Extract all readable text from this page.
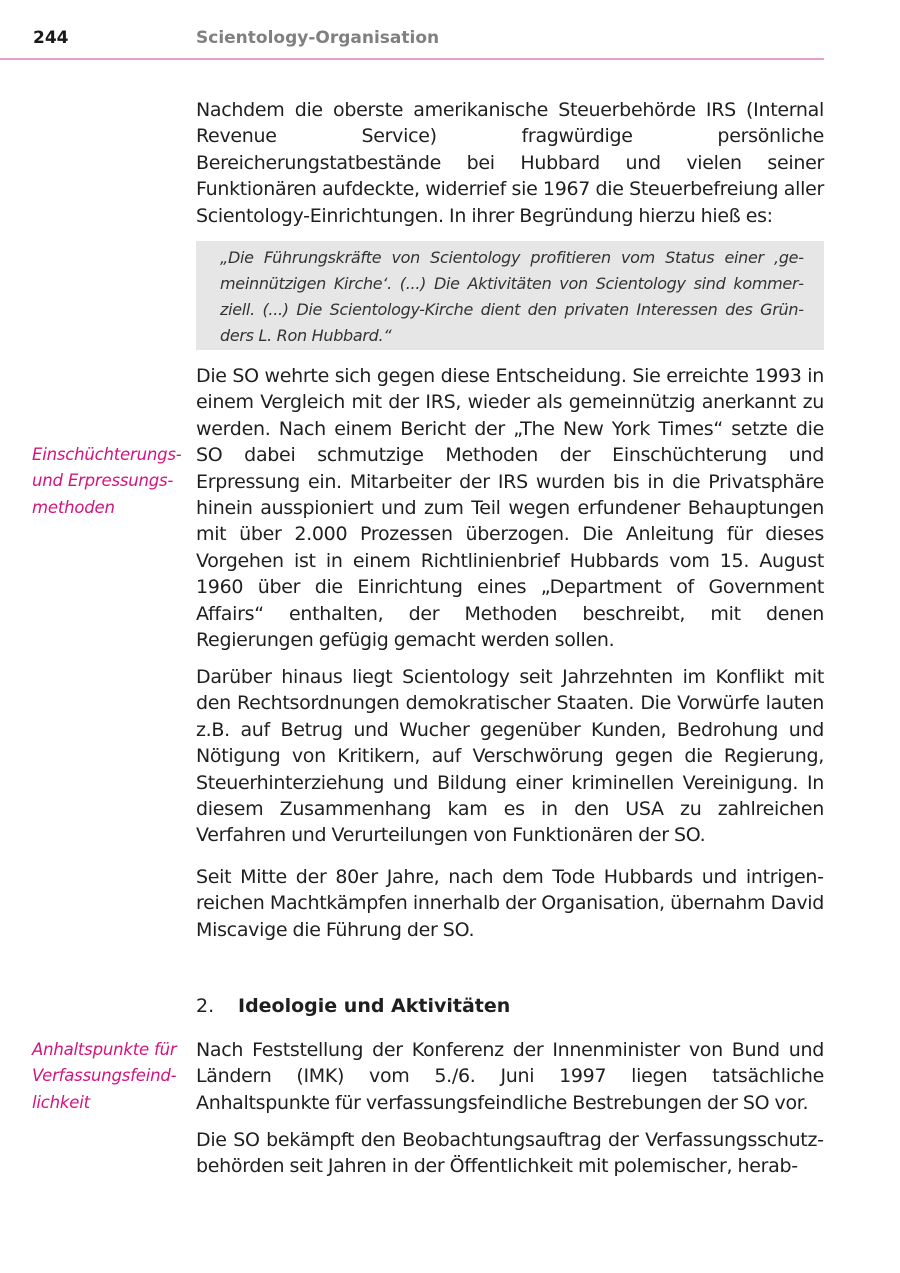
244	Scientology-Organisation

Nachdem die oberste amerikanische Steuerbehörde IRS (Internal Revenue Service) fragwürdige persönliche Bereicherungstatbestände bei Hubbard und vielen seiner Funktionären aufdeckte, widerrief sie 1967 die Steuerbefreiung aller Scientology-Einrichtungen. In ihrer Begründung hierzu hieß es:

„Die Führungskräfte von Scientology profitieren vom Status einer ‚gemeinnützigen Kirche‘. (...) Die Aktivitäten von Scientology sind kommerziell. (...) Die Scientology-Kirche dient den privaten Interessen des Gründers L. Ron Hubbard.“

Die SO wehrte sich gegen diese Entscheidung. Sie erreichte 1993 in einem Vergleich mit der IRS, wieder als gemeinnützig anerkannt zu werden. Nach einem Bericht der „The New York Times“ setzte die SO dabei schmutzige Methoden der Einschüchterung und Erpressung ein. Mitarbeiter der IRS wurden bis in die Privatsphäre hinein ausspioniert und zum Teil wegen erfundener Behauptungen mit über 2.000 Prozessen überzogen. Die Anleitung für dieses Vorgehen ist in einem Richtlinienbrief Hubbards vom 15. August 1960 über die Einrichtung eines „Department of Government Affairs“ enthalten, der Methoden beschreibt, mit denen Regierungen gefügig gemacht werden sollen.

Darüber hinaus liegt Scientology seit Jahrzehnten im Konflikt mit den Rechtsordnungen demokratischer Staaten. Die Vorwürfe lauten z.B. auf Betrug und Wucher gegenüber Kunden, Bedrohung und Nötigung von Kritikern, auf Verschwörung gegen die Regierung, Steuerhinterziehung und Bildung einer kriminellen Vereinigung. In diesem Zusammenhang kam es in den USA zu zahlreichen Verfahren und Verurteilungen von Funktionären der SO.

Seit Mitte der 80er Jahre, nach dem Tode Hubbards und intrigenreichen Machtkämpfen innerhalb der Organisation, übernahm David Miscavige die Führung der SO.

Nach Feststellung der Konferenz der Innenminister von Bund und Ländern (IMK) vom 5./6. Juni 1997 liegen tatsächliche Anhaltspunkte für verfassungsfeindliche Bestrebungen der SO vor.

Die SO bekämpft den Beobachtungsauftrag der Verfassungsschutzbehörden seit Jahren in der Öffentlichkeit mit polemischer, herab-

2. Ideologie und Aktivitäten
Einschüchterungs-
und Erpressungs-
methoden
Anhaltspunkte für
Verfassungsfeind-
lichkeit
